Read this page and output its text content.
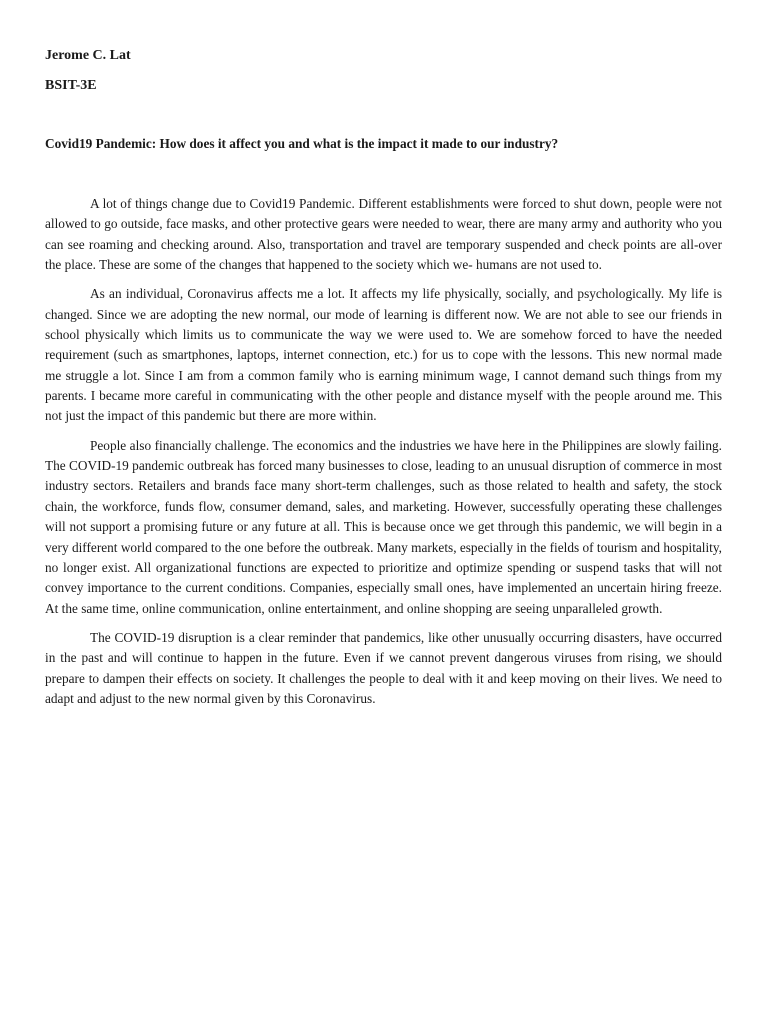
Jerome C. Lat
BSIT-3E
Covid19 Pandemic: How does it affect you and what is the impact it made to our industry?

A lot of things change due to Covid19 Pandemic. Different establishments were forced to shut down, people were not allowed to go outside, face masks, and other protective gears were needed to wear, there are many army and authority who you can see roaming and checking around. Also, transportation and travel are temporary suspended and check points are all-over the place. These are some of the changes that happened to the society which we- humans are not used to.

As an individual, Coronavirus affects me a lot. It affects my life physically, socially, and psychologically. My life is changed. Since we are adopting the new normal, our mode of learning is different now. We are not able to see our friends in school physically which limits us to communicate the way we were used to. We are somehow forced to have the needed requirement (such as smartphones, laptops, internet connection, etc.) for us to cope with the lessons. This new normal made me struggle a lot. Since I am from a common family who is earning minimum wage, I cannot demand such things from my parents. I became more careful in communicating with the other people and distance myself with the people around me. This not just the impact of this pandemic but there are more within.

People also financially challenge. The economics and the industries we have here in the Philippines are slowly failing. The COVID-19 pandemic outbreak has forced many businesses to close, leading to an unusual disruption of commerce in most industry sectors. Retailers and brands face many short-term challenges, such as those related to health and safety, the stock chain, the workforce, funds flow, consumer demand, sales, and marketing. However, successfully operating these challenges will not support a promising future or any future at all. This is because once we get through this pandemic, we will begin in a very different world compared to the one before the outbreak. Many markets, especially in the fields of tourism and hospitality, no longer exist. All organizational functions are expected to prioritize and optimize spending or suspend tasks that will not convey importance to the current conditions. Companies, especially small ones, have implemented an uncertain hiring freeze. At the same time, online communication, online entertainment, and online shopping are seeing unparalleled growth.

The COVID-19 disruption is a clear reminder that pandemics, like other unusually occurring disasters, have occurred in the past and will continue to happen in the future. Even if we cannot prevent dangerous viruses from rising, we should prepare to dampen their effects on society. It challenges the people to deal with it and keep moving on their lives. We need to adapt and adjust to the new normal given by this Coronavirus.
